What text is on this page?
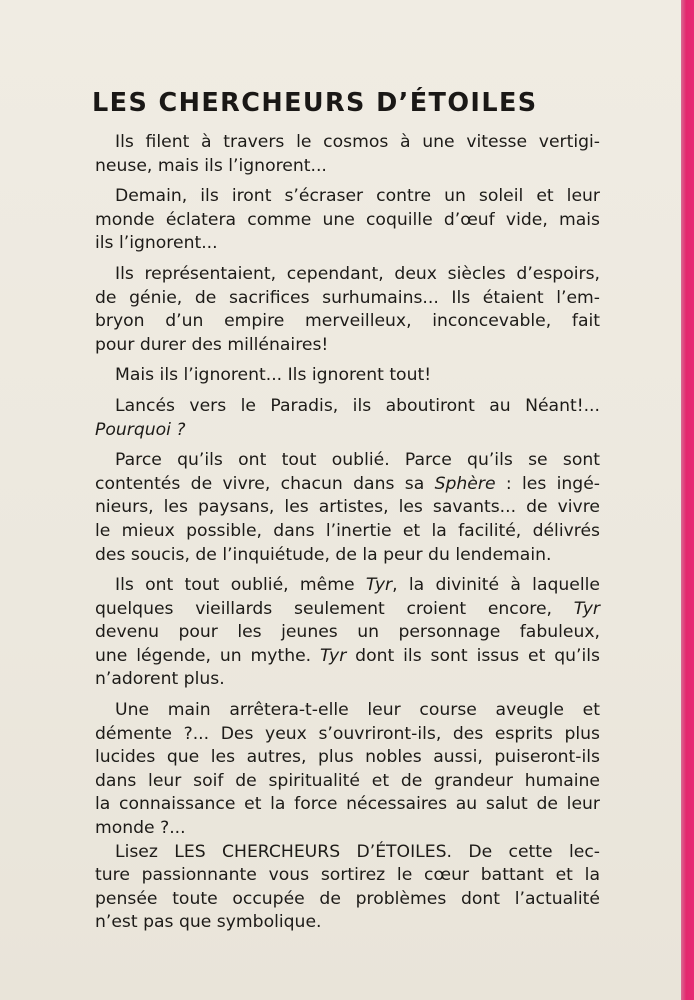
LES CHERCHEURS D’ÉTOILES
Ils filent à travers le cosmos à une vitesse vertigi-
neuse, mais ils l’ignorent...
Demain, ils iront s’écraser contre un soleil et leur
monde éclatera comme une coquille d’œuf vide, mais
ils l’ignorent...
Ils représentaient, cependant, deux siècles d’espoirs,
de génie, de sacrifices surhumains... Ils étaient l’em-
bryon d’un empire merveilleux, inconcevable, fait
pour durer des millénaires!
Mais ils l’ignorent... Ils ignorent tout!
Lancés vers le Paradis, ils aboutiront au Néant!...
Pourquoi ?
Parce qu’ils ont tout oublié. Parce qu’ils se sont
contentés de vivre, chacun dans sa Sphère : les ingé-
nieurs, les paysans, les artistes, les savants... de vivre
le mieux possible, dans l’inertie et la facilité, délivrés
des soucis, de l’inquiétude, de la peur du lendemain.
Ils ont tout oublié, même Tyr, la divinité à laquelle
quelques vieillards seulement croient encore, Tyr
devenu pour les jeunes un personnage fabuleux,
une légende, un mythe. Tyr dont ils sont issus et qu’ils
n’adorent plus.
Une main arrêtera-t-elle leur course aveugle et
démente ?... Des yeux s’ouvriront-ils, des esprits plus
lucides que les autres, plus nobles aussi, puiseront-ils
dans leur soif de spiritualité et de grandeur humaine
la connaissance et la force nécessaires au salut de leur
monde ?...
Lisez LES CHERCHEURS D’ÉTOILES. De cette lec-
ture passionnante vous sortirez le cœur battant et la
pensée toute occupée de problèmes dont l’actualité
n’est pas que symbolique.
